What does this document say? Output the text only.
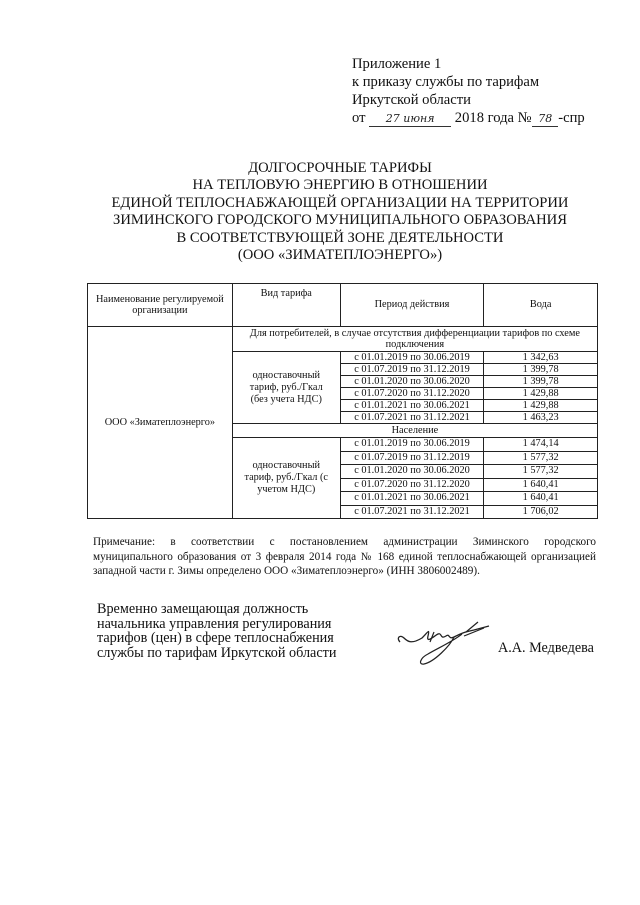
Приложение 1
к приказу службы по тарифам
Иркутской области
от 27 июня 2018 года № 78 -спр
ДОЛГОСРОЧНЫЕ ТАРИФЫ
НА ТЕПЛОВУЮ ЭНЕРГИЮ В ОТНОШЕНИИ
ЕДИНОЙ ТЕПЛОСНАБЖАЮЩЕЙ ОРГАНИЗАЦИИ НА ТЕРРИТОРИИ
ЗИМИНСКОГО ГОРОДСКОГО МУНИЦИПАЛЬНОГО ОБРАЗОВАНИЯ
В СООТВЕТСТВУЮЩЕЙ ЗОНЕ ДЕЯТЕЛЬНОСТИ
(ООО «ЗИМАТЕПЛОЭНЕРГО»)
Наименование регулируемой организации	Вид тарифа	Период действия	Вода
ООО «Зиматеплоэнерго»	Для потребителей, в случае отсутствия дифференциации тарифов по схеме подключения		
	одноставочный тариф, руб./Гкал (без учета НДС)	с 01.01.2019 по 30.06.2019	1 342,63
		с 01.07.2019 по 31.12.2019	1 399,78
		с 01.01.2020 по 30.06.2020	1 399,78
		с 01.07.2020 по 31.12.2020	1 429,88
		с 01.01.2021 по 30.06.2021	1 429,88
		с 01.07.2021 по 31.12.2021	1 463,23
	Население		
	одноставочный тариф, руб./Гкал (с учетом НДС)	с 01.01.2019 по 30.06.2019	1 474,14
		с 01.07.2019 по 31.12.2019	1 577,32
		с 01.01.2020 по 30.06.2020	1 577,32
		с 01.07.2020 по 31.12.2020	1 640,41
		с 01.01.2021 по 30.06.2021	1 640,41
		с 01.07.2021 по 31.12.2021	1 706,02
Примечание: в соответствии с постановлением администрации Зиминского городского
муниципального образования от 3 февраля 2014 года № 168 единой теплоснабжающей организацией
западной части г. Зимы определено ООО «Зиматеплоэнерго» (ИНН 3806002489).
Временно замещающая должность
начальника управления регулирования
тарифов (цен) в сфере теплоснабжения
службы по тарифам Иркутской области	А.А. Медведева
